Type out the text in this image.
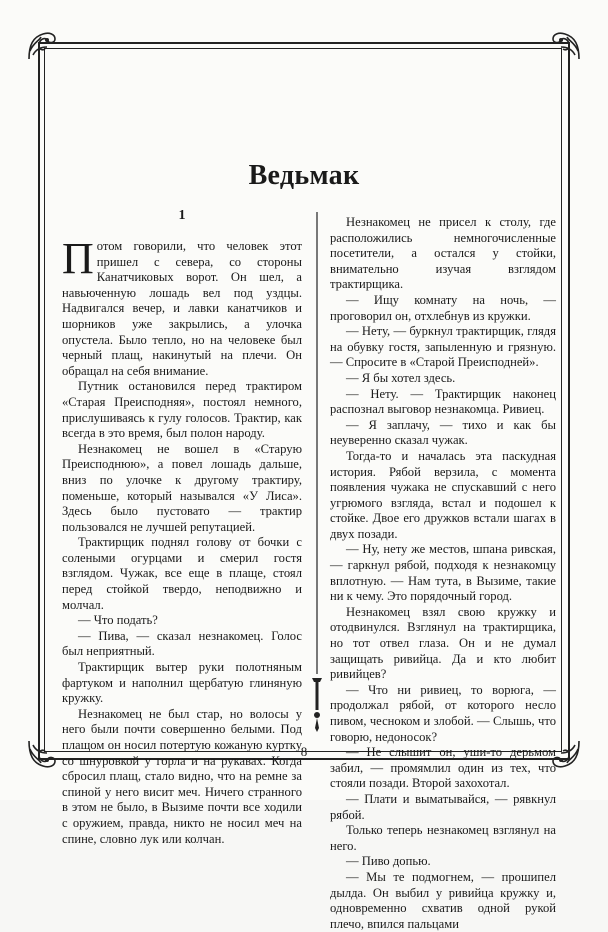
Ведьмак
1

Потом говорили, что человек этот пришел с севера, со стороны Канатчиковых ворот. Он шел, а навьюченную лошадь вел под уздцы. Надвигался вечер, и лавки канатчиков и шорников уже закрылись, а улочка опустела. Было тепло, но на человеке был черный плащ, накинутый на плечи. Он обращал на себя внимание.

Путник остановился перед трактиром «Старая Преисподняя», постоял немного, прислушиваясь к гулу голосов. Трактир, как всегда в это время, был полон народу.

Незнакомец не вошел в «Старую Преисподнюю», а повел лошадь дальше, вниз по улочке к другому трактиру, поменьше, который назывался «У Лиса». Здесь было пустовато — трактир пользовался не лучшей репутацией.

Трактирщик поднял голову от бочки с солеными огурцами и смерил гостя взглядом. Чужак, все еще в плаще, стоял перед стойкой твердо, неподвижно и молчал.

— Что подать?

— Пива, — сказал незнакомец. Голос был неприятный.

Трактирщик вытер руки полотняным фартуком и наполнил щербатую глиняную кружку.

Незнакомец не был стар, но волосы у него были почти совершенно белыми. Под плащом он носил потертую кожаную куртку со шнуровкой у горла и на рукавах. Когда сбросил плащ, стало видно, что на ремне за спиной у него висит меч. Ничего странного в этом не было, в Вызиме почти все ходили с оружием, правда, никто не носил меч на спине, словно лук или колчан.

Незнакомец не присел к столу, где расположились немногочисленные посетители, а остался у стойки, внимательно изучая взглядом трактирщика.

— Ищу комнату на ночь, — проговорил он, отхлебнув из кружки.

— Нету, — буркнул трактирщик, глядя на обувку гостя, запыленную и грязную. — Спросите в «Старой Преисподней».

— Я бы хотел здесь.

— Нету. — Трактирщик наконец распознал выговор незнакомца. Ривиец.

— Я заплачу, — тихо и как бы неуверенно сказал чужак.

Тогда-то и началась эта паскудная история. Рябой верзила, с момента появления чужака не спускавший с него угрюмого взгляда, встал и подошел к стойке. Двое его дружков встали шагах в двух позади.

— Ну, нету же местов, шпана ривская, — гаркнул рябой, подходя к незнакомцу вплотную. — Нам тута, в Вызиме, такие ни к чему. Это порядочный город.

Незнакомец взял свою кружку и отодвинулся. Взглянул на трактирщика, но тот отвел глаза. Он и не думал защищать ривийца. Да и кто любит ривийцев?

— Что ни ривиец, то ворюга, — продолжал рябой, от которого несло пивом, чесноком и злобой. — Слышь, что говорю, недоносок?

— Не слышит он, уши-то дерьмом забил, — промямлил один из тех, что стояли позади. Второй захохотал.

— Плати и выматывайся, — рявкнул рябой.

Только теперь незнакомец взглянул на него.

— Пиво допью.

— Мы те подмогнем, — прошипел дылда. Он выбил у ривийца кружку и, одновременно схватив одной рукой плечо, впился пальцами

8
